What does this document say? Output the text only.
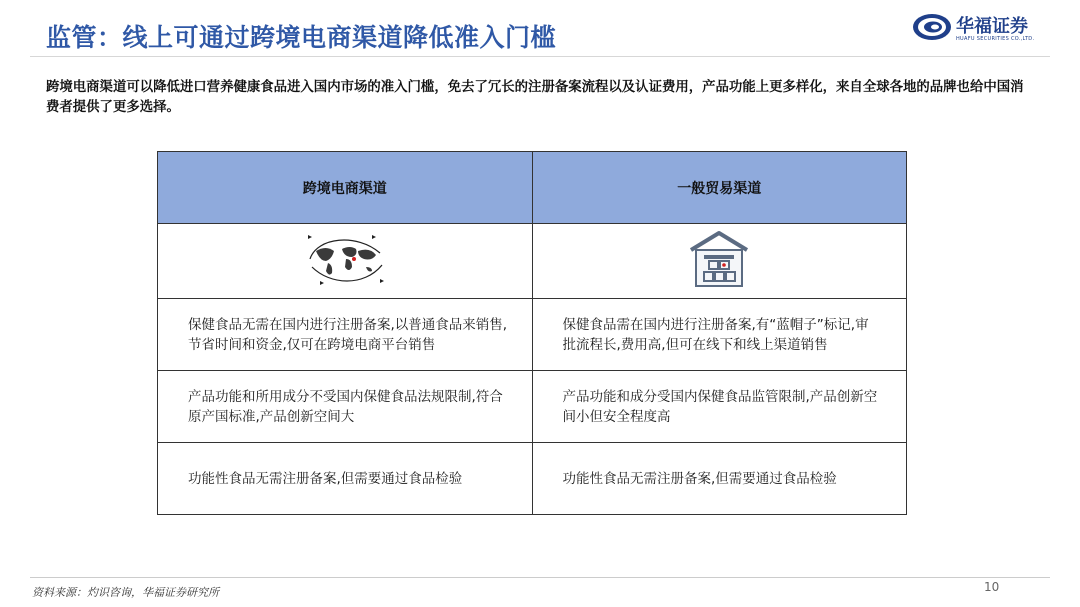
监管：线上可通过跨境电商渠道降低准入门槛	华福证券
HUAFU SECURITIES CO.,LTD.
跨境电商渠道可以降低进口营养健康食品进入国内市场的准入门槛，免去了冗长的注册备案流程以及认证费用，产品功能上更多样化，来自全球各地的品牌也给中国消费者提供了更多选择。
跨境电商渠道	一般贸易渠道

保健食品无需在国内进行注册备案,以普通食品来销售,节省时间和资金,仅可在跨境电商平台销售	保健食品需在国内进行注册备案,有“蓝帽子”标记,审批流程长,费用高,但可在线下和线上渠道销售
产品功能和所用成分不受国内保健食品法规限制,符合原产国标准,产品创新空间大	产品功能和成分受国内保健食品监管限制,产品创新空间小但安全程度高
功能性食品无需注册备案,但需要通过食品检验	功能性食品无需注册备案,但需要通过食品检验
资料来源：灼识咨询，华福证券研究所	10
